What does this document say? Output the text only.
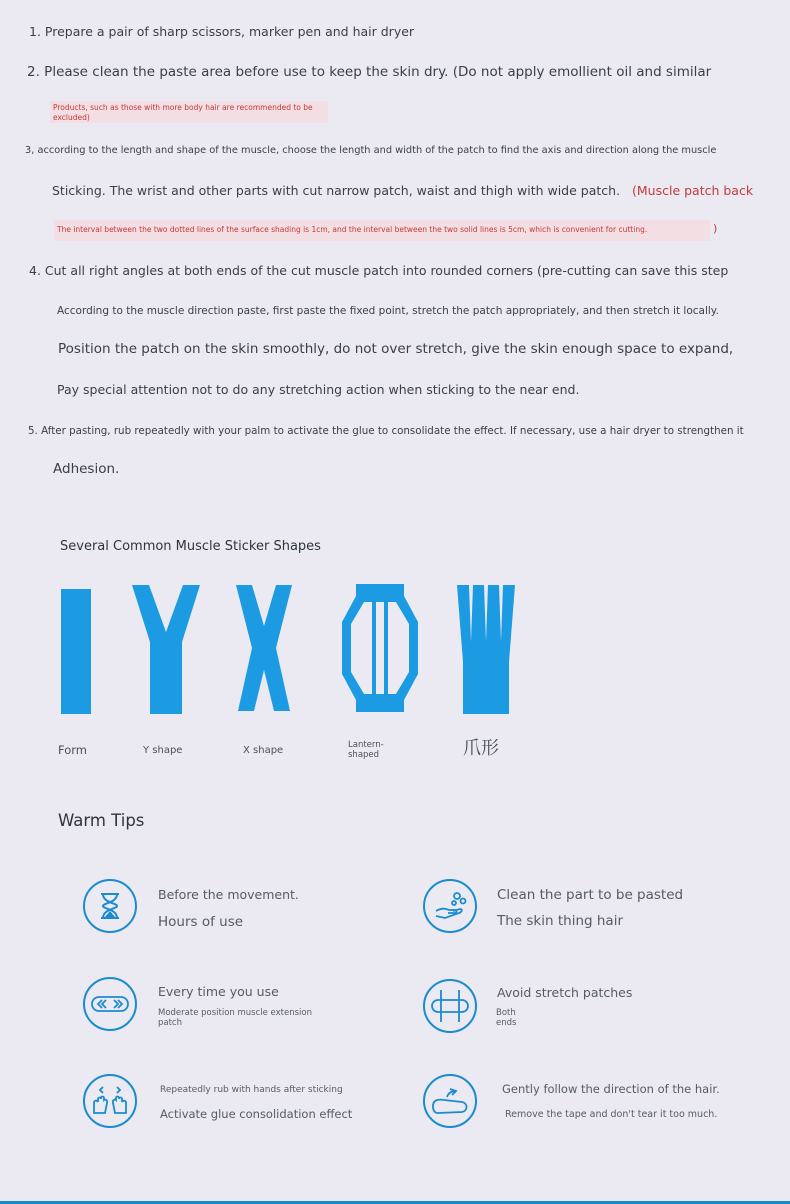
1. Prepare a pair of sharp scissors, marker pen and hair dryer

2. Please clean the paste area before use to keep the skin dry. (Do not apply emollient oil and similar

Products, such as those with more body hair are recommended to be excluded)

3, according to the length and shape of the muscle, choose the length and width of the patch to find the axis and direction along the muscle

Sticking. The wrist and other parts with cut narrow patch, waist and thigh with wide patch. (Muscle patch back

The interval between the two dotted lines of the surface shading is 1cm, and the interval between the two solid lines is 5cm, which is convenient for cutting.	)

4. Cut all right angles at both ends of the cut muscle patch into rounded corners (pre-cutting can save this step

According to the muscle direction paste, first paste the fixed point, stretch the patch appropriately, and then stretch it locally.

Position the patch on the skin smoothly, do not over stretch, give the skin enough space to expand,

Pay special attention not to do any stretching action when sticking to the near end.

5. After pasting, rub repeatedly with your palm to activate the glue to consolidate the effect. If necessary, use a hair dryer to strengthen it

Adhesion.

Several Common Muscle Sticker Shapes

Form	Y shape	X shape	Lantern-shaped	爪形

Warm Tips

Before the movement.
Hours of use
Clean the part to be pasted
The skin thing hair
Every time you use
Moderate position muscle extension patch
Avoid stretch patches
Both ends
Repeatedly rub with hands after sticking
Activate glue consolidation effect
Gently follow the direction of the hair.
Remove the tape and don't tear it too much.
